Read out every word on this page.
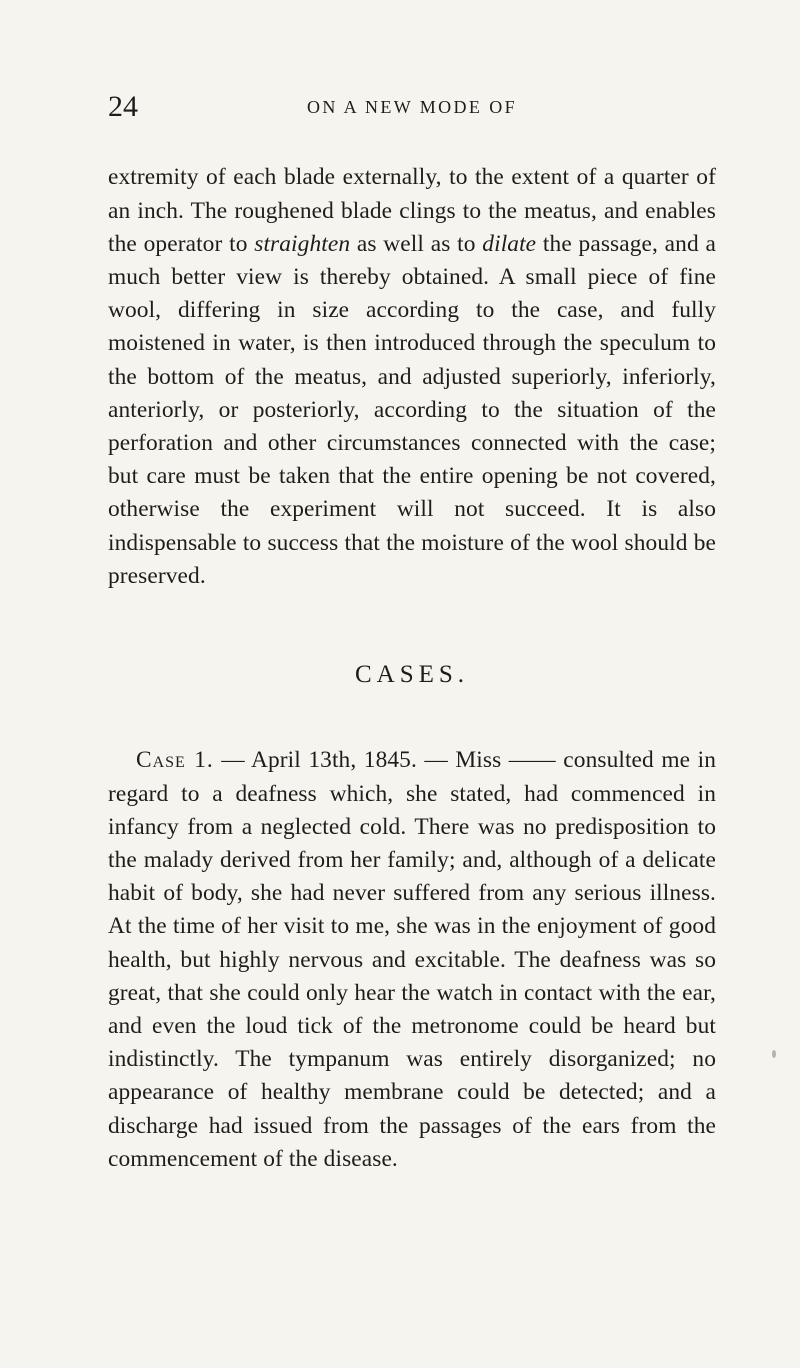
24	ON A NEW MODE OF

extremity of each blade externally, to the extent of a quarter of an inch. The roughened blade clings to the meatus, and enables the operator to straighten as well as to dilate the passage, and a much better view is thereby obtained. A small piece of fine wool, differing in size according to the case, and fully moistened in water, is then introduced through the speculum to the bottom of the meatus, and adjusted superiorly, inferiorly, anteriorly, or posteriorly, according to the situation of the perforation and other circumstances connected with the case; but care must be taken that the entire opening be not covered, otherwise the experiment will not succeed. It is also indispensable to success that the moisture of the wool should be preserved.

CASES.

Case 1. — April 13th, 1845. — Miss —— consulted me in regard to a deafness which, she stated, had commenced in infancy from a neglected cold. There was no predisposition to the malady derived from her family; and, although of a delicate habit of body, she had never suffered from any serious illness. At the time of her visit to me, she was in the enjoyment of good health, but highly nervous and excitable. The deafness was so great, that she could only hear the watch in contact with the ear, and even the loud tick of the metronome could be heard but indistinctly. The tympanum was entirely disorganized; no appearance of healthy membrane could be detected; and a discharge had issued from the passages of the ears from the commencement of the disease.
